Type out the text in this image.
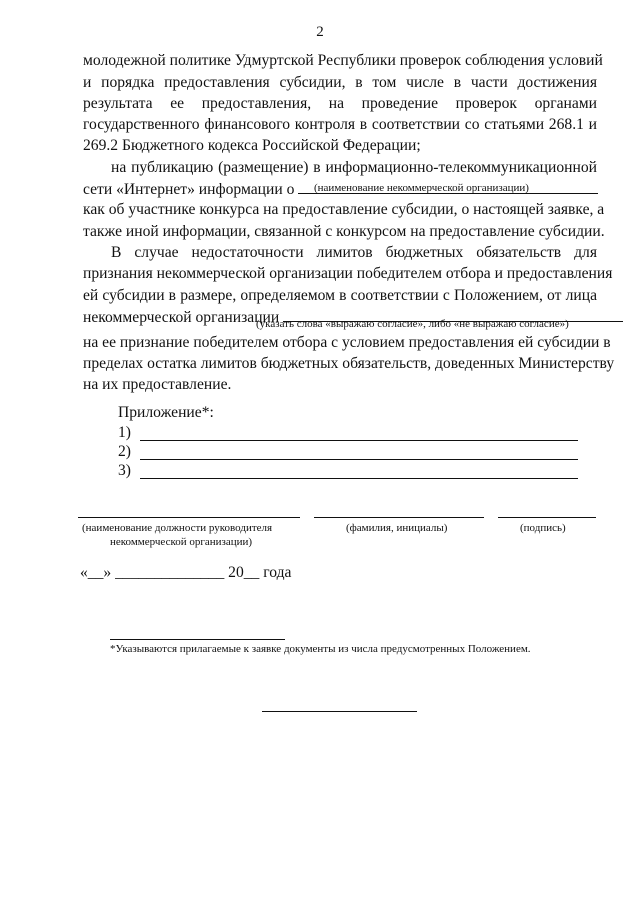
2
молодежной политике Удмуртской Республики проверок соблюдения условий
и порядка предоставления субсидии, в том числе в части достижения
результата ее предоставления, на проведение проверок органами
государственного финансового контроля в соответствии со статьями 268.1 и
269.2 Бюджетного кодекса Российской Федерации;
на публикацию (размещение) в информационно-телекоммуникационной
сети «Интернет» информации о	(наименование некоммерческой организации)
как об участнике конкурса на предоставление субсидии, о настоящей заявке, а
также иной информации, связанной с конкурсом на предоставление субсидии.
В случае недостаточности лимитов бюджетных обязательств для
признания некоммерческой организации победителем отбора и предоставления
ей субсидии в размере, определяемом в соответствии с Положением, от лица
некоммерческой организации
(указать слова «выражаю согласие», либо «не выражаю согласие»)
на ее признание победителем отбора с условием предоставления ей субсидии в
пределах остатка лимитов бюджетных обязательств, доведенных Министерству
на их предоставление.
Приложение*:
1)
2)
3)
(наименование должности руководителя
некоммерческой организации)
(фамилия, инициалы)	(подпись)
«__» ______________ 20__ года
*Указываются прилагаемые к заявке документы из числа предусмотренных Положением.
